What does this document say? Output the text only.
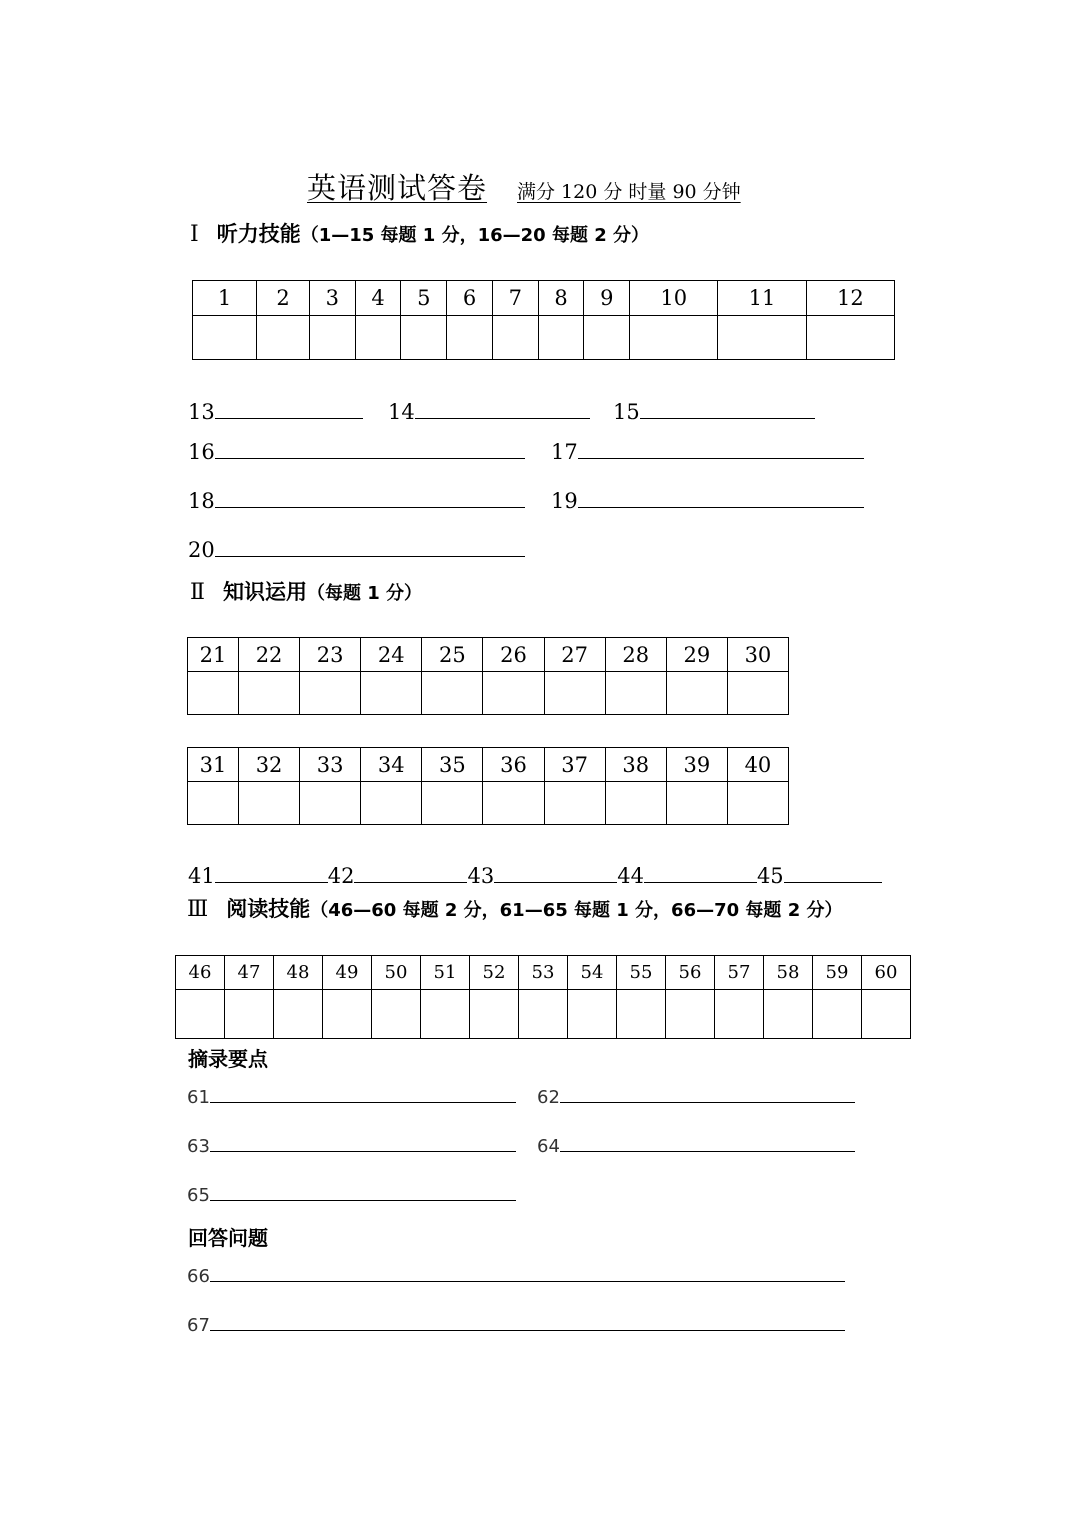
英语测试答卷 满分 120 分 时量 90 分钟
Ⅰ 听力技能（1—15 每题 1 分，16—20 每题 2 分）
1	2	3	4	5	6	7	8	9	10	11	12

13	14	15
16	17
18	19
20
Ⅱ 知识运用（每题 1 分）
21	22	23	24	25	26	27	28	29	30

31	32	33	34	35	36	37	38	39	40

41	42	43	44	45
Ⅲ 阅读技能（46—60 每题 2 分，61—65 每题 1 分，66—70 每题 2 分）
46	47	48	49	50	51	52	53	54	55	56	57	58	59	60

摘录要点
61	62
63	64
65
回答问题
66
67
